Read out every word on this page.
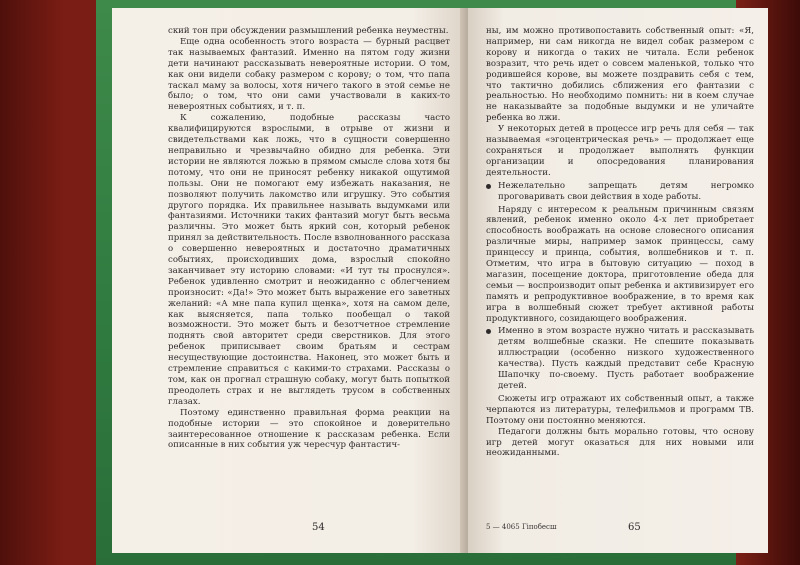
ский тон при обсуждении размышлений ребенка неуместны.

Еще одна особенность этого возраста — бурный расцвет так называемых фантазий. Именно на пятом году жизни дети начинают рассказывать невероятные истории. О том, как они видели собаку размером с корову; о том, что папа таскал маму за волосы, хотя ничего такого в этой семье не было; о том, что они сами участвовали в каких-то невероятных событиях, и т. п.

К сожалению, подобные рассказы часто квалифицируются взрослыми, в отрыве от жизни и свидетельствами как ложь, что в сущности совершенно неправильно и чрезвычайно обидно для ребенка. Эти истории не являются ложью в прямом смысле слова хотя бы потому, что они не приносят ребенку никакой ощутимой пользы. Они не помогают ему избежать наказания, не позволяют получить лакомство или игрушку. Это события другого порядка. Их правильнее называть выдумками или фантазиями. Источники таких фантазий могут быть весьма различны. Это может быть яркий сон, который ребенок принял за действительность. После взволнованного рассказа о совершенно невероятных и достаточно драматичных событиях, происходивших дома, взрослый спокойно заканчивает эту историю словами: «И тут ты проснулся». Ребенок удивленно смотрит и неожиданно с облегчением произносит: «Да!» Это может быть выражение его заветных желаний: «А мне папа купил щенка», хотя на самом деле, как выясняется, папа только пообещал о такой возможности. Это может быть и безотчетное стремление поднять свой авторитет среди сверстников. Для этого ребенок приписывает своим братьям и сестрам несуществующие достоинства. Наконец, это может быть и стремление справиться с какими-то страхами. Рассказы о том, как он прогнал страшную собаку, могут быть попыткой преодолеть страх и не выглядеть трусом в собственных глазах.

Поэтому единственно правильная форма реакции на подобные истории — это спокойное и доверительно заинтересованное отношение к рассказам ребенка. Если описанные в них события уж чересчур фантастич-

54

ны, им можно противопоставить собственный опыт: «Я, например, ни сам никогда не видел собак размером с корову и никогда о таких не читала. Если ребенок возразит, что речь идет о совсем маленькой, только что родившейся корове, вы можете поздравить себя с тем, что тактично добились сближения его фантазии с реальностью. Но необходимо помнить: ни в коем случае не наказывайте за подобные выдумки и не уличайте ребенка во лжи.

У некоторых детей в процессе игр речь для себя — так называемая «эгоцентрическая речь» — продолжает еще сохраняться и продолжает выполнять функции организации и опосредования планирования деятельности.

Нежелательно запрещать детям негромко проговаривать свои действия в ходе работы.

Наряду с интересом к реальным причинным связям явлений, ребенок именно около 4-х лет приобретает способность воображать на основе словесного описания различные миры, например замок принцессы, саму принцессу и принца, события, волшебников и т. п. Отметим, что игра в бытовую ситуацию — поход в магазин, посещение доктора, приготовление обеда для семьи — воспроизводит опыт ребенка и активизирует его память и репродуктивное воображение, в то время как игра в волшебный сюжет требует активной работы продуктивного, созидающего воображения.

Именно в этом возрасте нужно читать и рассказывать детям волшебные сказки. Не спешите показывать иллюстрации (особенно низкого художественного качества). Пусть каждый представит себе Красную Шапочку по-своему. Пусть работает воображение детей.

Сюжеты игр отражают их собственный опыт, а также черпаются из литературы, телефильмов и программ ТВ. Поэтому они постоянно меняются.

Педагоги должны быть морально готовы, что основу игр детей могут оказаться для них новыми или неожиданными.

5 — 4065 Гіпобесш	65
